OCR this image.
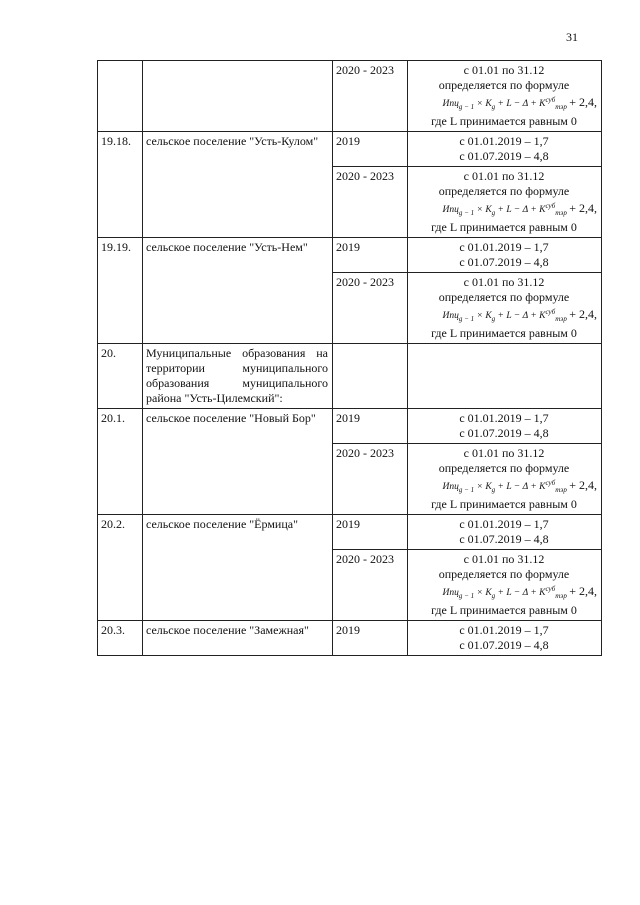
31
		2020 - 2023	с 01.01 по 31.12
определяется по формуле
$Ипц_{g - 1} \times K_g + L - \Delta + K^{суб}_{тэр} + 2,4$,
где L принимается равным 0

19.18.	сельское поселение "Усть-Кулом"	2019	с 01.01.2019 – 1,7
с 01.07.2019 – 4,8

		2020 - 2023	с 01.01 по 31.12
определяется по формуле
$Ипц_{g - 1} \times K_g + L - \Delta + K^{суб}_{тэр} + 2,4$,
где L принимается равным 0

19.19.	сельское поселение "Усть-Нем"	2019	с 01.01.2019 – 1,7
с 01.07.2019 – 4,8

		2020 - 2023	с 01.01 по 31.12
определяется по формуле
$Ипц_{g - 1} \times K_g + L - \Delta + K^{суб}_{тэр} + 2,4$,
где L принимается равным 0

20.	Муниципальные образования на территории муниципального образования муниципального района "Усть-Цилемский":		
20.1.	сельское поселение "Новый Бор"	2019	с 01.01.2019 – 1,7
с 01.07.2019 – 4,8

		2020 - 2023	с 01.01 по 31.12
определяется по формуле
$Ипц_{g - 1} \times K_g + L - \Delta + K^{суб}_{тэр} + 2,4$,
где L принимается равным 0

20.2.	сельское поселение "Ёрмица"	2019	с 01.01.2019 – 1,7
с 01.07.2019 – 4,8

		2020 - 2023	с 01.01 по 31.12
определяется по формуле
$Ипц_{g - 1} \times K_g + L - \Delta + K^{суб}_{тэр} + 2,4$,
где L принимается равным 0

20.3.	сельское поселение "Замежная"	2019	с 01.01.2019 – 1,7
с 01.07.2019 – 4,8
